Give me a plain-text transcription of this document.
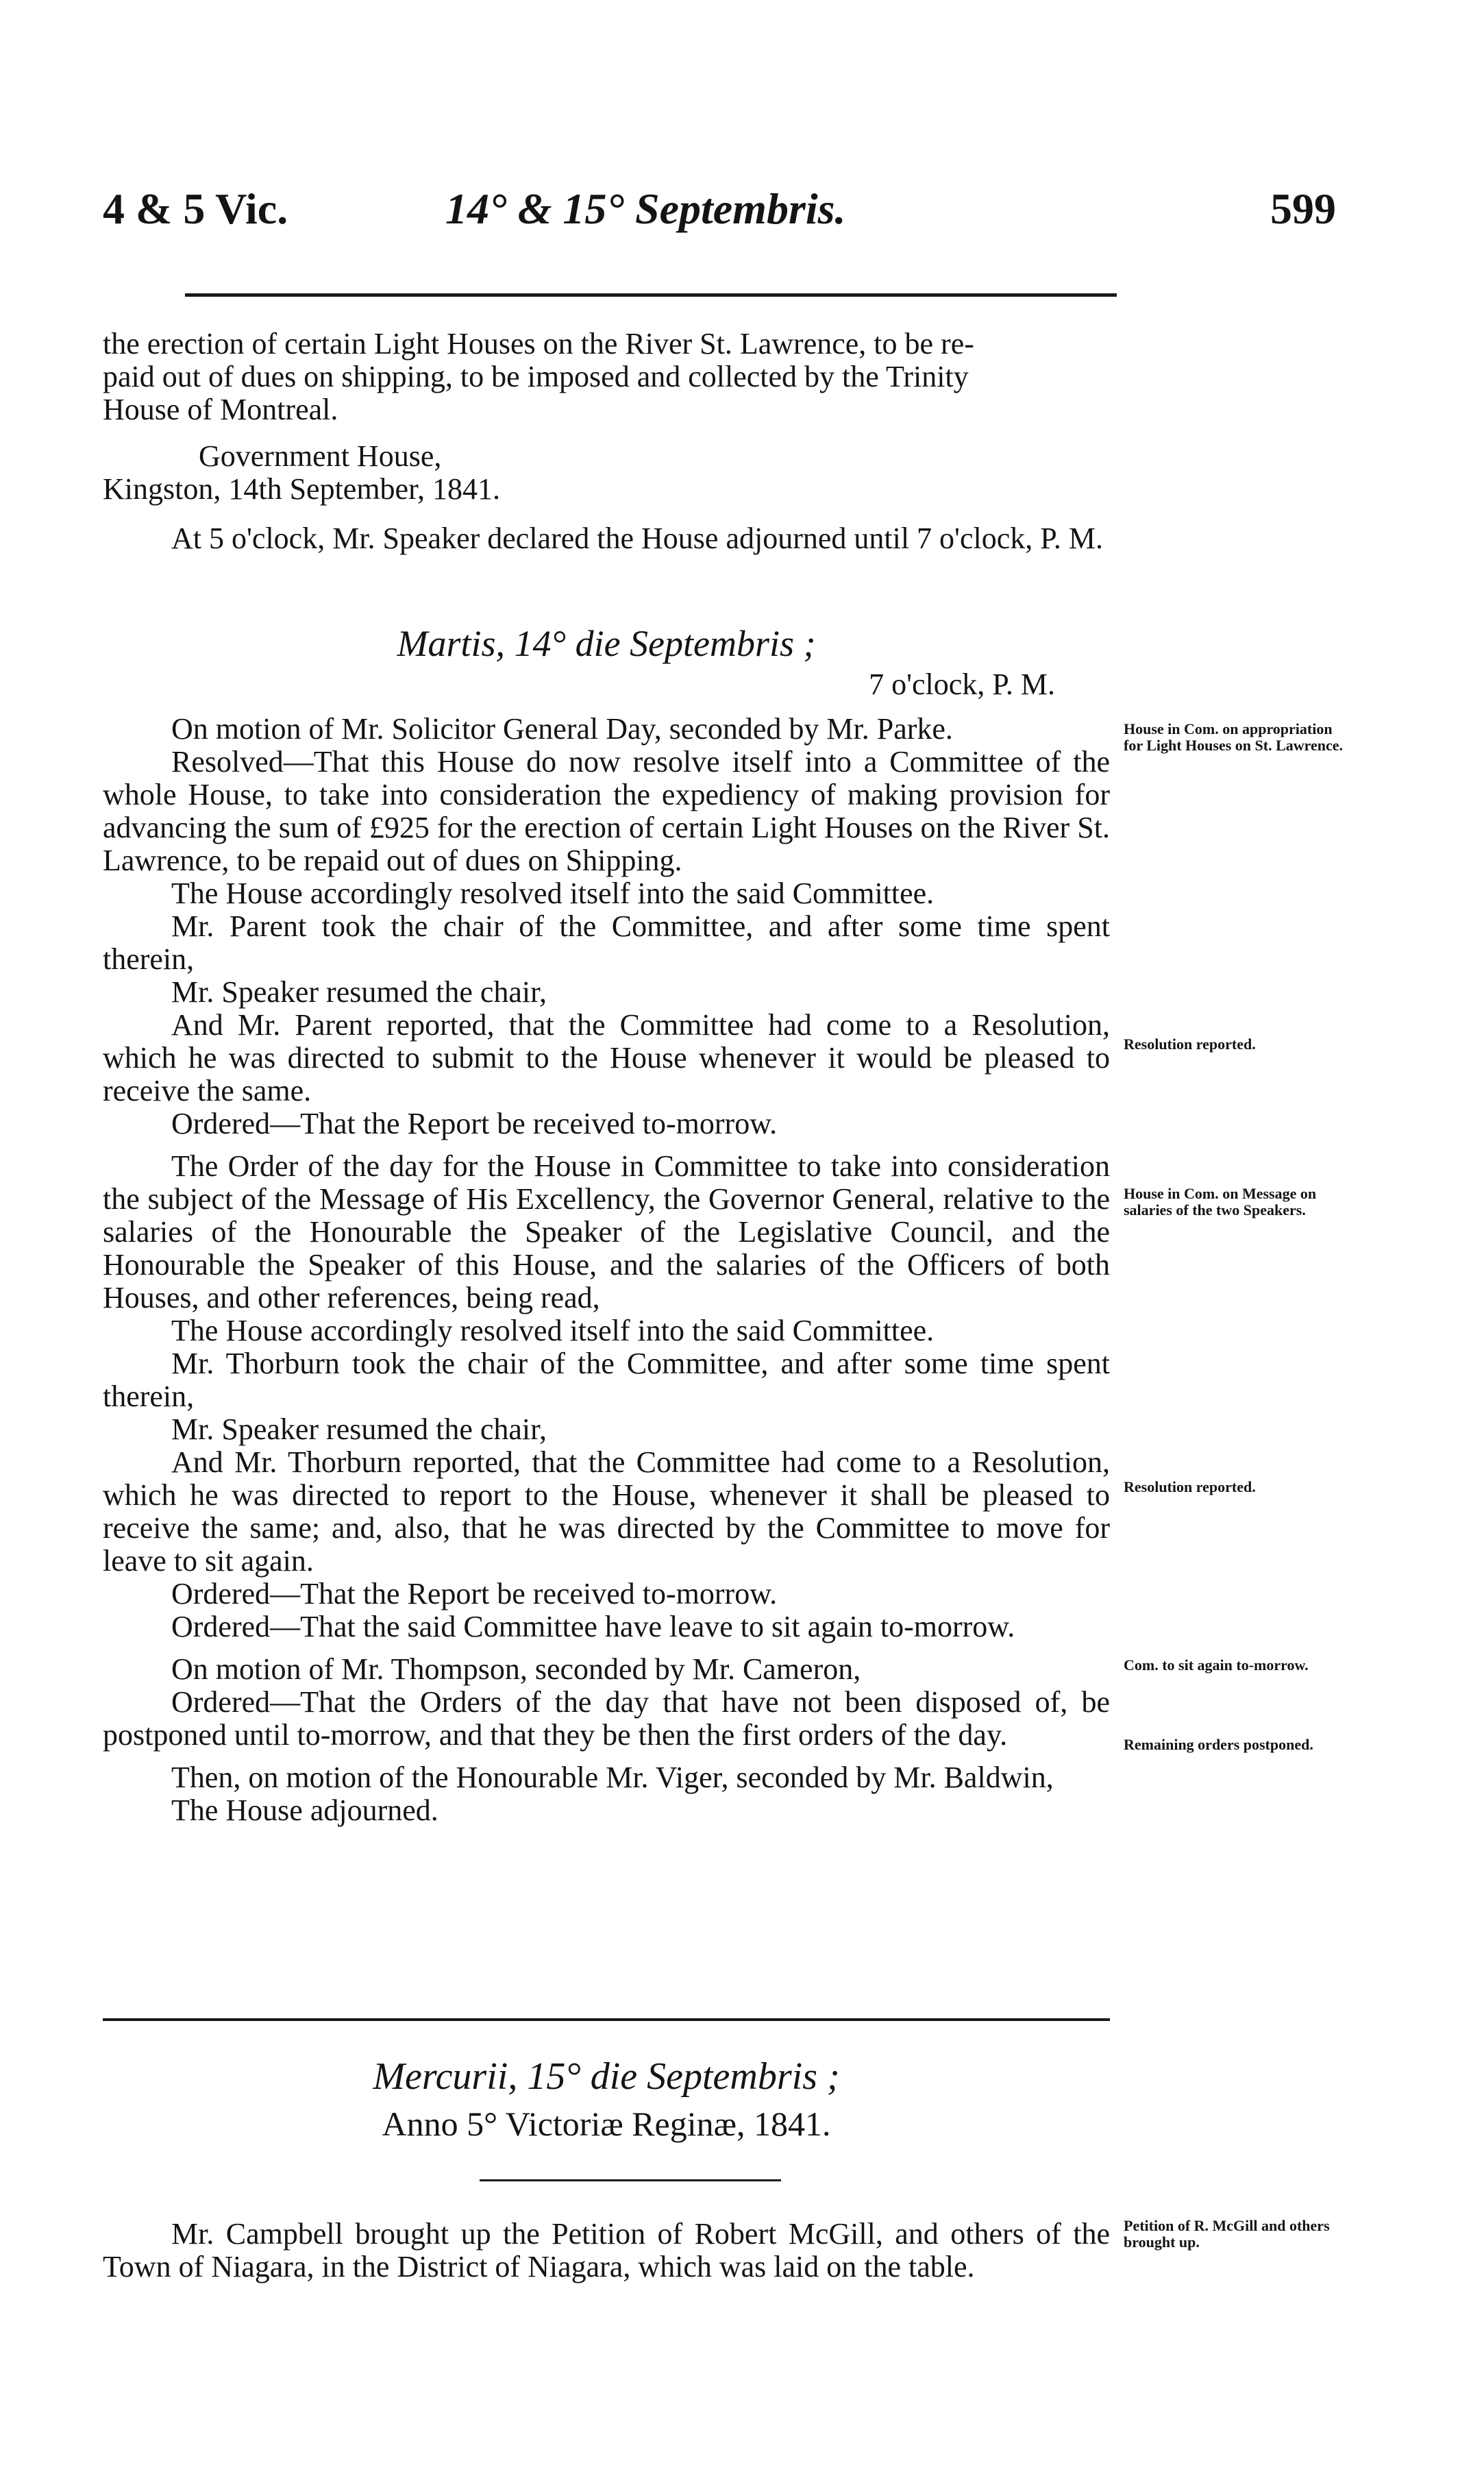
4 & 5 Vic.	14° & 15° Septembris.	599

the erection of certain Light Houses on the River St. Lawrence, to be re-

paid out of dues on shipping, to be imposed and collected by the Trinity

House of Montreal.

Government House,

Kingston, 14th September, 1841.

At 5 o'clock, Mr. Speaker declared the House adjourned until 7 o'clock, P. M.

Martis, 14° die Septembris ;
7 o'clock, P. M.

On motion of Mr. Solicitor General Day, seconded by Mr. Parke.

Resolved—That this House do now resolve itself into a Committee of the whole House, to take into consideration the expediency of making provision for advancing the sum of £925 for the erection of certain Light Houses on the River St. Lawrence, to be repaid out of dues on Shipping.

The House accordingly resolved itself into the said Committee.

Mr. Parent took the chair of the Committee, and after some time spent therein,

Mr. Speaker resumed the chair,

And Mr. Parent reported, that the Committee had come to a Resolution, which he was directed to submit to the House whenever it would be pleased to receive the same.

Ordered—That the Report be received to-morrow.

The Order of the day for the House in Committee to take into consideration the subject of the Message of His Excellency, the Governor General, relative to the salaries of the Honourable the Speaker of the Legislative Council, and the Honourable the Speaker of this House, and the salaries of the Officers of both Houses, and other references, being read,

The House accordingly resolved itself into the said Committee.

Mr. Thorburn took the chair of the Committee, and after some time spent therein,

Mr. Speaker resumed the chair,

And Mr. Thorburn reported, that the Committee had come to a Resolution, which he was directed to report to the House, whenever it shall be pleased to receive the same; and, also, that he was directed by the Committee to move for leave to sit again.

Ordered—That the Report be received to-morrow.

Ordered—That the said Committee have leave to sit again to-morrow.

On motion of Mr. Thompson, seconded by Mr. Cameron,

Ordered—That the Orders of the day that have not been disposed of, be postponed until to-morrow, and that they be then the first orders of the day.

Then, on motion of the Honourable Mr. Viger, seconded by Mr. Baldwin,

The House adjourned.

House in Com. on appropriation for Light Houses on St. Lawrence.
Resolution reported.
House in Com. on Message on salaries of the two Speakers.
Resolution reported.
Com. to sit again to-morrow.
Remaining orders postponed.
Petition of R. McGill and others brought up.
Mercurii, 15° die Septembris ;
Anno 5° Victoriæ Reginæ, 1841.

Mr. Campbell brought up the Petition of Robert McGill, and others of the Town of Niagara, in the District of Niagara, which was laid on the table.
